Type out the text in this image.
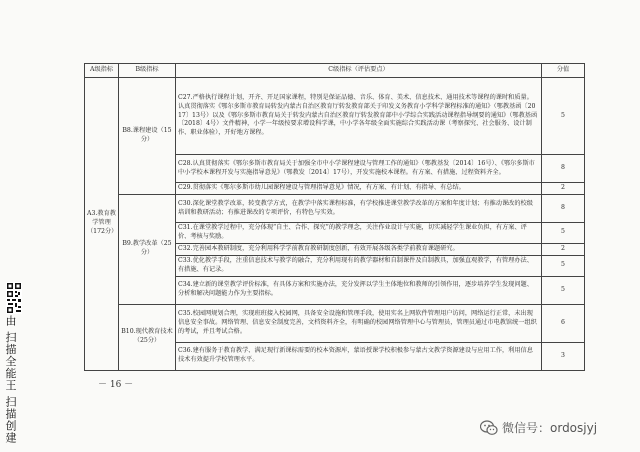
A级指标	B级指标	C级指标（评估要点）	分值
A3.教育教学管理（172分）	B8.课程建设（15分）	C27.严格执行课程计划，开齐、开足国家课程，特别是保证品德、音乐、体育、美术、信息技术、通用技术等课程的课时和质量。认真贯彻落实《鄂尔多斯市教育局转发内蒙古自治区教育厅转发教育部关于印发义务教育小学科学课程标准的通知》（鄂教基函〔2017〕13号）以及《鄂尔多斯市教育局关于转发内蒙古自治区教育厅转发教育部中小学综合实践活动课程指导纲要的通知》（鄂教基函〔2018〕4号）文件精神，小学一年级按要求增设科学课，中小学各年级全面实施综合实践活动课（考察探究、社会服务、设计制作、职业体验），开好地方课程。	5
		C28.认真贯彻落实《鄂尔多斯市教育局关于加强全市中小学课程建设与管理工作的通知》（鄂教基发〔2014〕16号）、《鄂尔多斯市中小学校本课程开发与实施指导意见》（鄂教发〔2014〕17号），开发实施校本课程。有方案、有措施、过程资料齐全。	8
		C29.贯彻落实《鄂尔多斯市幼儿园课程建设与管理指导意见》情况，有方案、有计划、有指导、有总结。	2
	B9.教学改革（25分）	C30.深化课堂教学改革，转变教学方式，在教学中落实课程标准，有学校推进课堂教学改革的方案和年度计划；有推动课改的校级培训和教研活动；有推进课改的专项评价，有特色与实效。	8
		C31.在课堂教学过程中，充分体现“自主、合作、探究”的教学理念，关注作业设计与实施，切实减轻学生课业负担，有方案、评价、考核与奖励。	5
		C32.完善园本教研制度，充分利用科学学前教育教研制度创新，有效开展各级各类学前教育课题研究。	2
		C33.优化教学手段，注重信息技术与教学的融合，充分利用现有的教学器材和自制课件及自制教具，加强直观教学，有管理办法、有措施、有记录。	5
		C34.建立新的课堂教学评价标准，有具体方案和实施办法，充分发挥以学生主体地位和教师的引领作用，逐步培养学生发现问题、分析和解决问题能力作为主要指标。	5
	B10.现代教育技术（25分）	C35.校园网规划合理，实现班班接入校园网，具备安全设施和管理手段，使用实名上网软件管理用户访问，网络运行正常，未出现信息安全事故。网络管理、信息安全制度完善，文档资料齐全，有明确的校园网络管理中心与管理员，管理员通过市电教馆统一组织的考试，并且考试合格。	6
		C36.建有服务于教育教学、满足现行新课标需要的校本资源库，蒙语授课学校积极参与蒙古文教学资源建设与应用工作，利用信息技术有效提升学校管理水平。	3
－ 16 －
由 扫描全能王 扫描创建	微信号：ordosjyj
